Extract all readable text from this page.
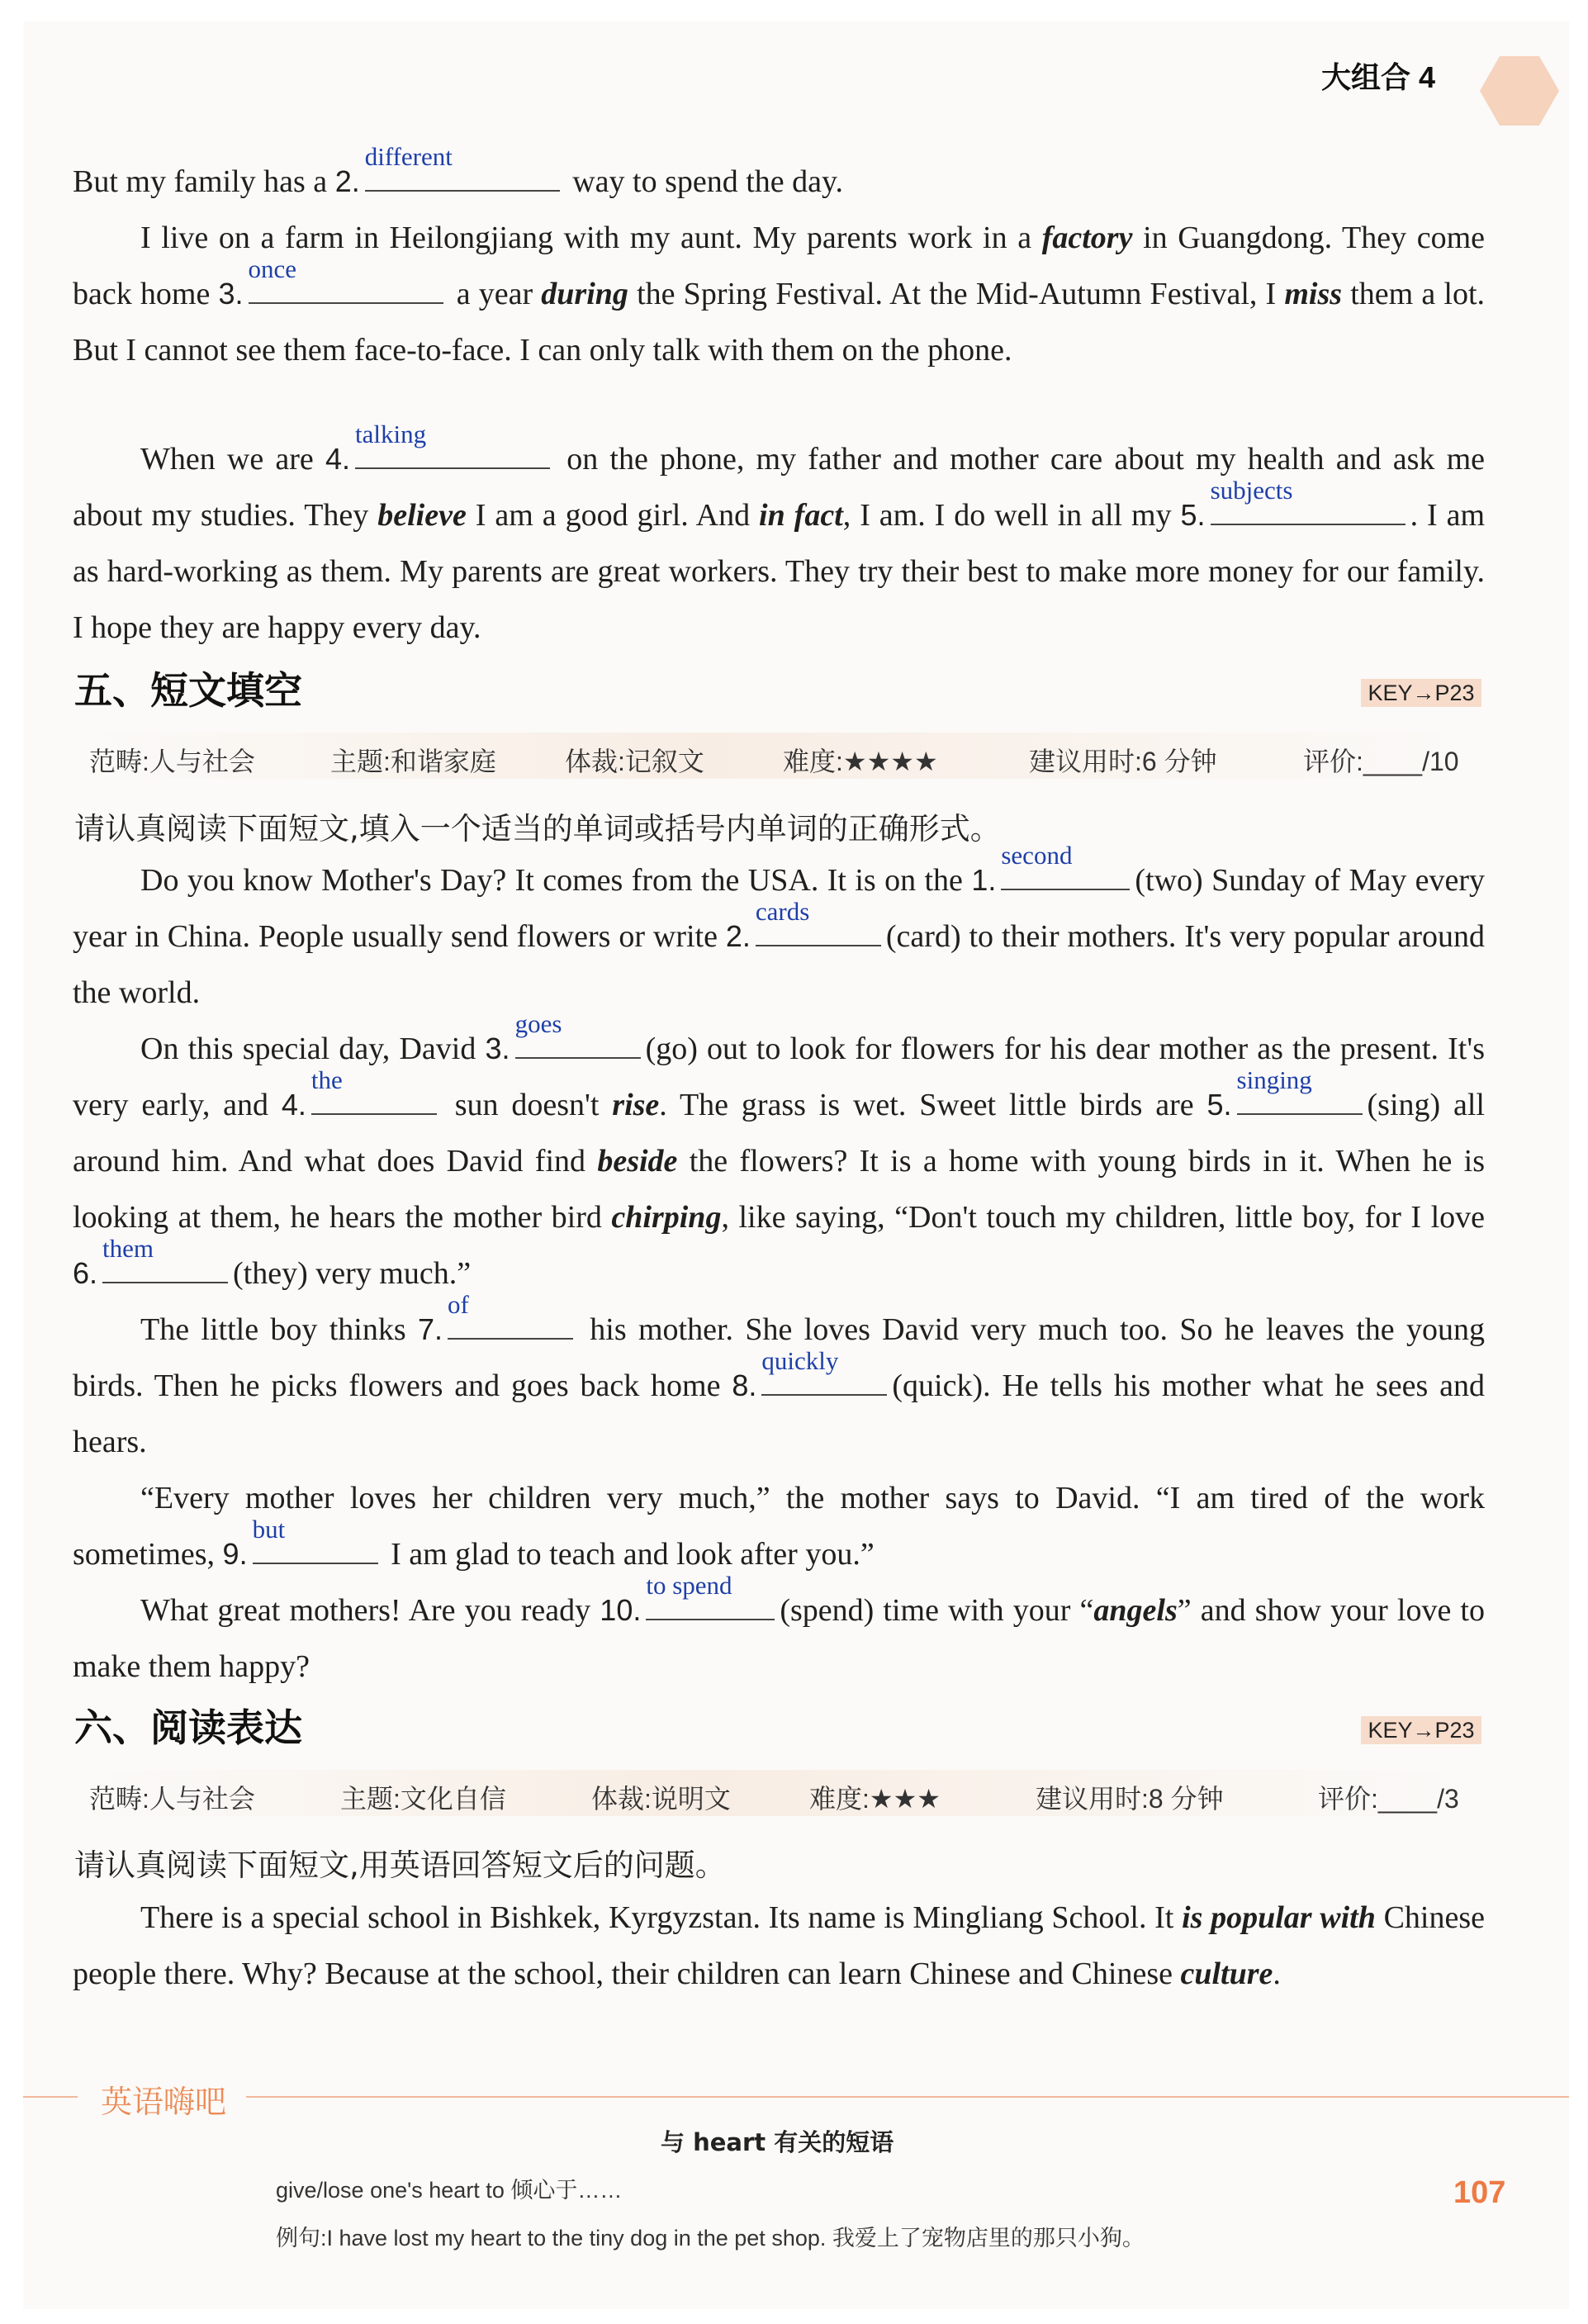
大组合 4
But my family has a 2.
different
way to spend the day.
I live on a farm in Heilongjiang with my aunt. My parents work in a factory in Guangdong. They come back home 3.
once
a year during the Spring Festival. At the Mid-Autumn Festival, I miss them a lot. But I cannot see them face-to-face. I can only talk with them on the phone.
When we are 4.
talking
on the phone, my father and mother care about my health and ask me about my studies. They believe I am a good girl. And in fact, I am. I do well in all my 5.
subjects
. I am as hard-working as them. My parents are great workers. They try their best to make more money for our family. I hope they are happy every day.
五、短文填空	KEY→P23
范畴:人与社会	主题:和谐家庭	体裁:记叙文	难度:★★★★	建议用时:6 分钟	评价:____/10
请认真阅读下面短文,填入一个适当的单词或括号内单词的正确形式。
Do you know Mother's Day? It comes from the USA. It is on the 1.
second
(two) Sunday of May every year in China. People usually send flowers or write 2.
cards
(card) to their mothers. It's very popular around the world.
On this special day, David 3.
goes
(go) out to look for flowers for his dear mother as the present. It's very early, and 4.
the
sun doesn't rise. The grass is wet. Sweet little birds are 5.
singing
(sing) all around him. And what does David find beside the flowers? It is a home with young birds in it. When he is looking at them, he hears the mother bird chirping, like saying, “Don't touch my children, little boy, for I love 6.
them
(they) very much.”
The little boy thinks 7.
of
his mother. She loves David very much too. So he leaves the young birds. Then he picks flowers and goes back home 8.
quickly
(quick). He tells his mother what he sees and hears.
“Every mother loves her children very much,” the mother says to David. “I am tired of the work sometimes, 9.
but
I am glad to teach and look after you.”
What great mothers! Are you ready 10.
to spend
(spend) time with your “angels” and show your love to make them happy?
六、阅读表达	KEY→P23
范畴:人与社会	主题:文化自信	体裁:说明文	难度:★★★	建议用时:8 分钟	评价:____/3
请认真阅读下面短文,用英语回答短文后的问题。
There is a special school in Bishkek, Kyrgyzstan. Its name is Mingliang School. It is popular with Chinese people there. Why? Because at the school, their children can learn Chinese and Chinese culture.
英语嗨吧
与 heart 有关的短语
give/lose one's heart to 倾心于……
例句:I have lost my heart to the tiny dog in the pet shop. 我爱上了宠物店里的那只小狗。
107
